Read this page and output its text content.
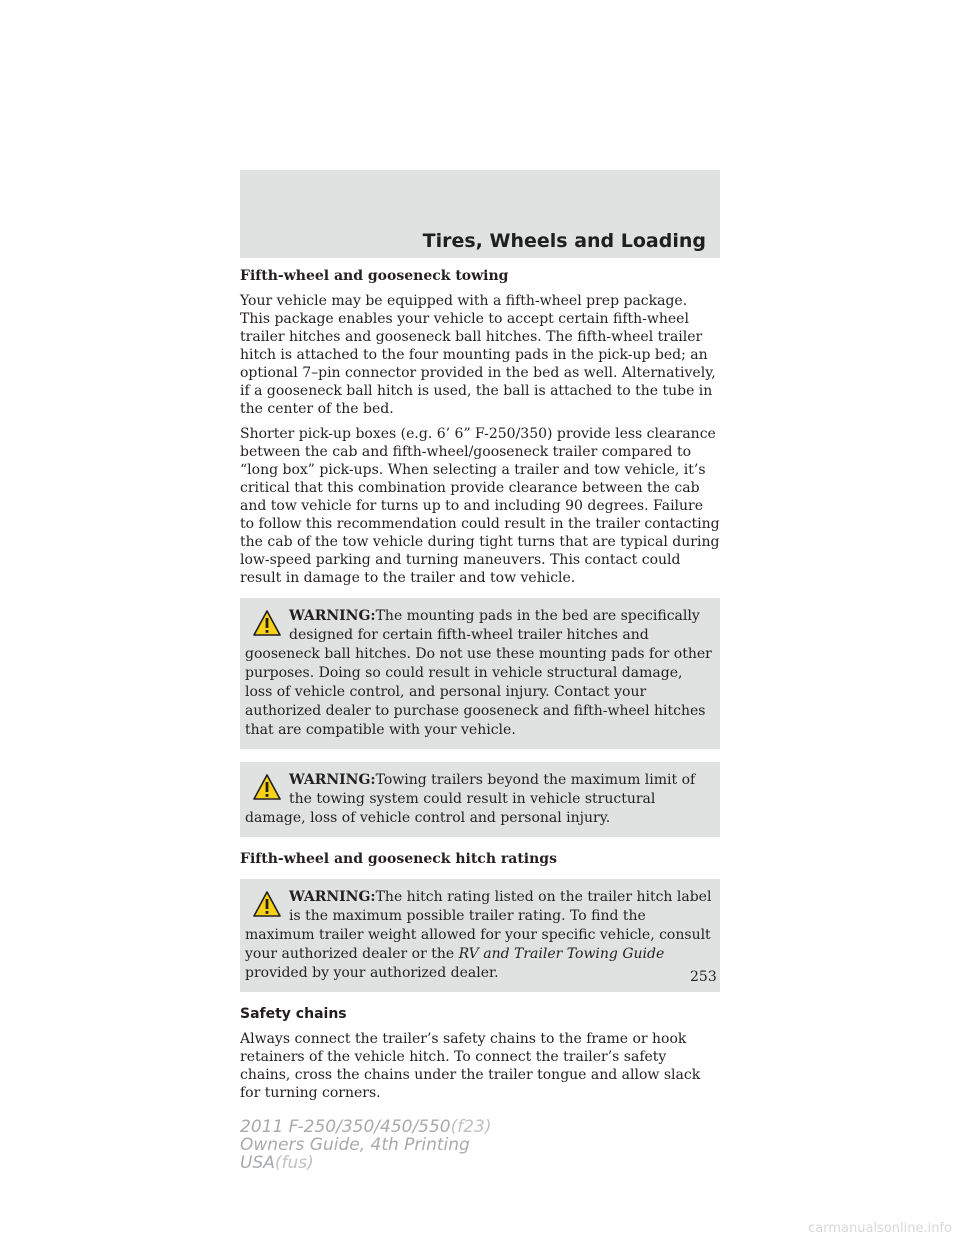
Tires, Wheels and Loading
Fifth-wheel and gooseneck towing

Your vehicle may be equipped with a fifth-wheel prep package. This package enables your vehicle to accept certain fifth-wheel trailer hitches and gooseneck ball hitches. The fifth-wheel trailer hitch is attached to the four mounting pads in the pick-up bed; an optional 7–pin connector provided in the bed as well. Alternatively, if a gooseneck ball hitch is used, the ball is attached to the tube in the center of the bed.

Shorter pick-up boxes (e.g. 6’ 6” F-250/350) provide less clearance between the cab and fifth-wheel/gooseneck trailer compared to “long box” pick-ups. When selecting a trailer and tow vehicle, it’s critical that this combination provide clearance between the cab and tow vehicle for turns up to and including 90 degrees. Failure to follow this recommendation could result in the trailer contacting the cab of the tow vehicle during tight turns that are typical during low-speed parking and turning maneuvers. This contact could result in damage to the trailer and tow vehicle.

WARNING:The mounting pads in the bed are specifically designed for certain fifth-wheel trailer hitches and gooseneck ball hitches. Do not use these mounting pads for other purposes. Doing so could result in vehicle structural damage, loss of vehicle control, and personal injury. Contact your authorized dealer to purchase gooseneck and fifth-wheel hitches that are compatible with your vehicle.
WARNING:Towing trailers beyond the maximum limit of the towing system could result in vehicle structural damage, loss of vehicle control and personal injury.
Fifth-wheel and gooseneck hitch ratings
WARNING:The hitch rating listed on the trailer hitch label is the maximum possible trailer rating. To find the maximum trailer weight allowed for your specific vehicle, consult your authorized dealer or the RV and Trailer Towing Guide provided by your authorized dealer.
Safety chains

Always connect the trailer’s safety chains to the frame or hook retainers of the vehicle hitch. To connect the trailer’s safety chains, cross the chains under the trailer tongue and allow slack for turning corners.

253
2011 F-250/350/450/550(f23)
Owners Guide, 4th Printing
USA(fus)
carmanualsonline.info
